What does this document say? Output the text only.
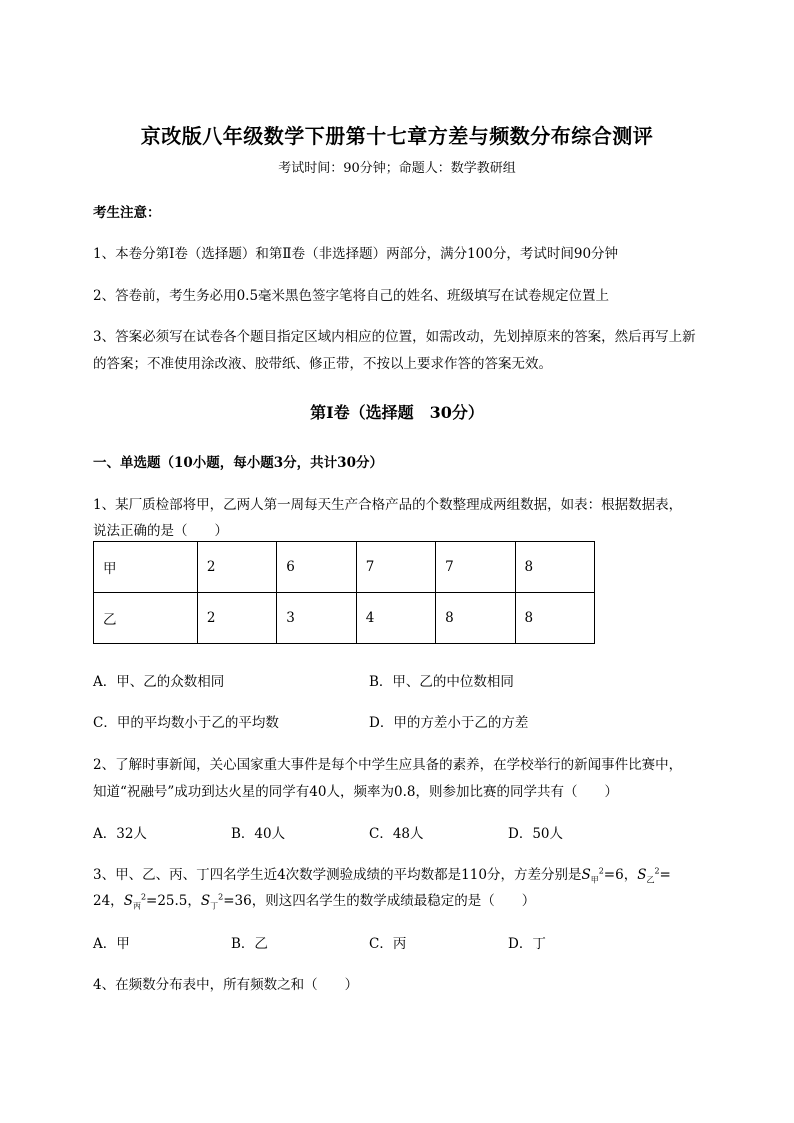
京改版八年级数学下册第十七章方差与频数分布综合测评
考试时间：90分钟；命题人：数学教研组
考生注意：
1、本卷分第I卷（选择题）和第Ⅱ卷（非选择题）两部分，满分100分，考试时间90分钟
2、答卷前，考生务必用0.5毫米黑色签字笔将自己的姓名、班级填写在试卷规定位置上
3、答案必须写在试卷各个题目指定区域内相应的位置，如需改动，先划掉原来的答案，然后再写上新
的答案；不准使用涂改液、胶带纸、修正带，不按以上要求作答的答案无效。
第I卷（选择题　30分）
一、单选题（10小题，每小题3分，共计30分）
1、某厂质检部将甲，乙两人第一周每天生产合格产品的个数整理成两组数据，如表：根据数据表，
说法正确的是（　　）
甲	2	6	7	7	8
乙	2	3	4	8	8
A．甲、乙的众数相同	B．甲、乙的中位数相同
C．甲的平均数小于乙的平均数	D．甲的方差小于乙的方差
2、了解时事新闻，关心国家重大事件是每个中学生应具备的素养，在学校举行的新闻事件比赛中，
知道“祝融号”成功到达火星的同学有40人，频率为0.8，则参加比赛的同学共有（　　）
A．32人	B．40人	C．48人	D．50人
3、甲、乙、丙、丁四名学生近4次数学测验成绩的平均数都是110分，方差分别是$S_甲^2=6$，$S_乙^2=$
24，$S_丙^2=25.5$，$S_丁^2=36$，则这四名学生的数学成绩最稳定的是（　　）
A．甲	B．乙	C．丙	D．丁
4、在频数分布表中，所有频数之和（　　）
